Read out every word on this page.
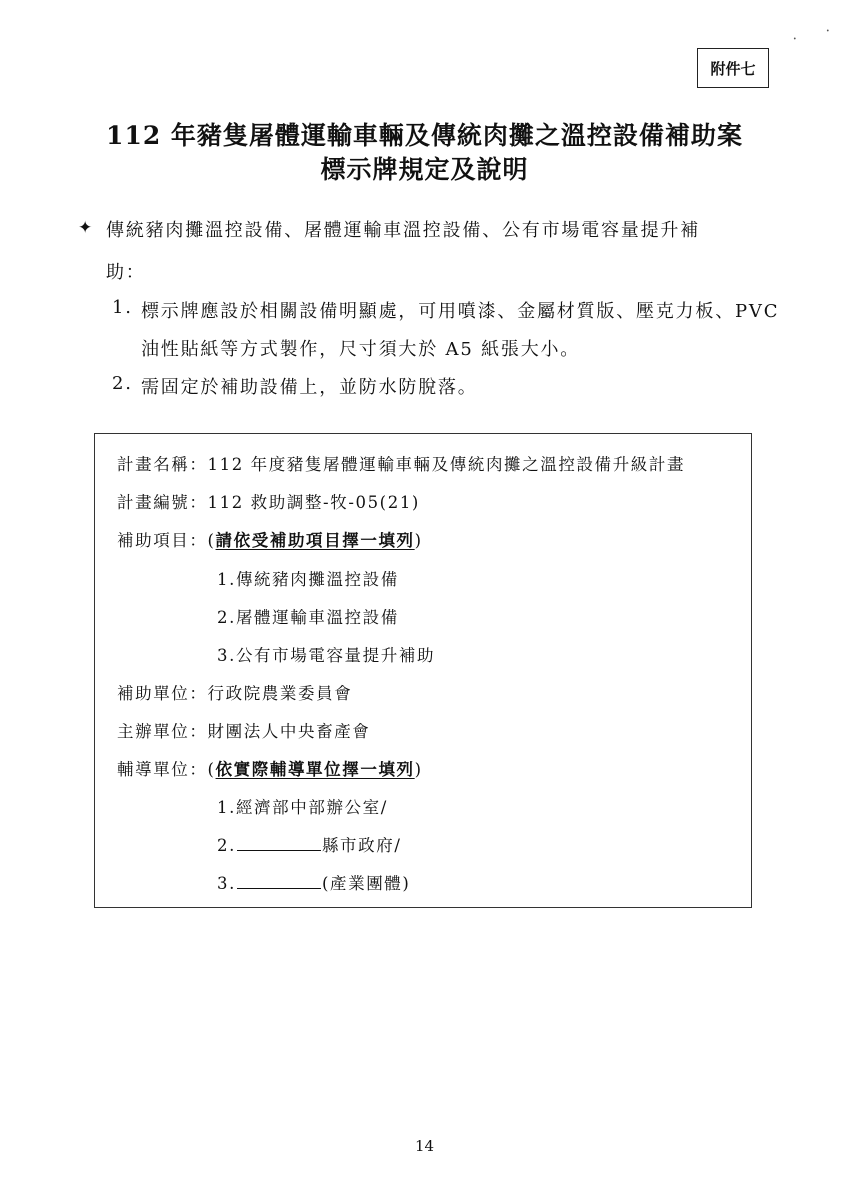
附件七
112 年豬隻屠體運輸車輛及傳統肉攤之溫控設備補助案
標示牌規定及說明
✦ 傳統豬肉攤溫控設備、屠體運輸車溫控設備、公有市場電容量提升補
助：
1. 標示牌應設於相關設備明顯處，可用噴漆、金屬材質版、壓克力板、PVC
油性貼紙等方式製作，尺寸須大於 A5 紙張大小。
2. 需固定於補助設備上，並防水防脫落。
計畫名稱：112 年度豬隻屠體運輸車輛及傳統肉攤之溫控設備升級計畫
計畫編號：112 救助調整-牧-05(21)
補助項目：(請依受補助項目擇一填列)
1.傳統豬肉攤溫控設備
2.屠體運輸車溫控設備
3.公有市場電容量提升補助
補助單位：行政院農業委員會
主辦單位：財團法人中央畜產會
輔導單位：(依實際輔導單位擇一填列)
1.經濟部中部辦公室/
2.	縣市政府/
3.	(產業團體)
14
•
•
